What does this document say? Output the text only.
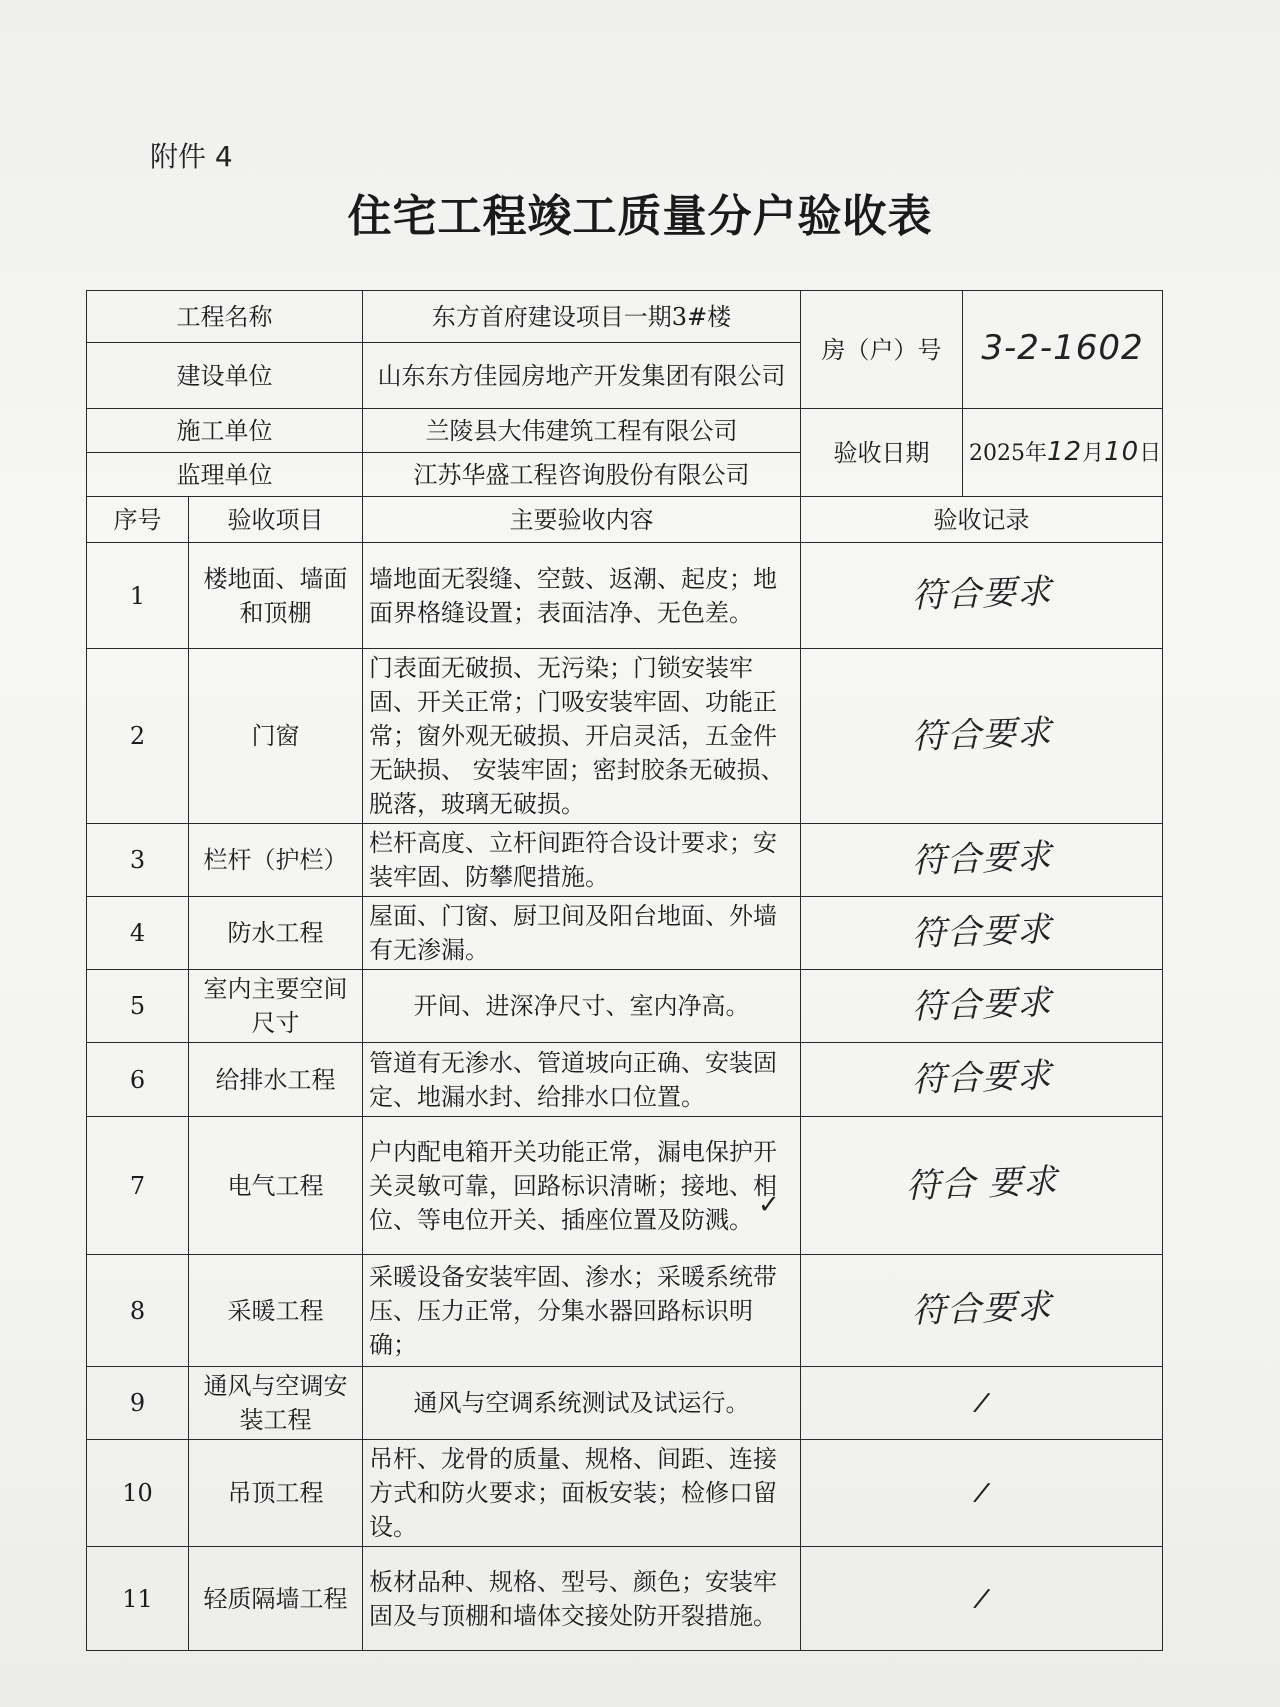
附件 4
住宅工程竣工质量分户验收表
工程名称		东方首府建设项目一期3#楼	房（户）号	3-2-1602
建设单位		山东东方佳园房地产开发集团有限公司		
施工单位		兰陵县大伟建筑工程有限公司	验收日期	2025年12月10日
监理单位		江苏华盛工程咨询股份有限公司		
序号	验收项目	主要验收内容	验收记录	
1	楼地面、墙面和顶棚	墙地面无裂缝、空鼓、返潮、起皮；地面界格缝设置；表面洁净、无色差。	符合要求	
2	门窗	门表面无破损、无污染；门锁安装牢固、开关正常；门吸安装牢固、功能正常；窗外观无破损、开启灵活，五金件无缺损、 安装牢固；密封胶条无破损、脱落，玻璃无破损。	符合要求	
3	栏杆（护栏）	栏杆高度、立杆间距符合设计要求；安装牢固、防攀爬措施。	符合要求	
4	防水工程	屋面、门窗、厨卫间及阳台地面、外墙有无渗漏。	符合要求	
5	室内主要空间尺寸	开间、进深净尺寸、室内净高。	符合要求	
6	给排水工程	管道有无渗水、管道坡向正确、安装固定、地漏水封、给排水口位置。	符合要求	
7	电气工程	户内配电箱开关功能正常，漏电保护开关灵敏可靠，回路标识清晰；接地、相位、等电位开关、插座位置及防溅。	符合 要求	
8	采暖工程	采暖设备安装牢固、渗水；采暖系统带压、压力正常，分集水器回路标识明确；	符合要求	
9	通风与空调安装工程	通风与空调系统测试及试运行。	/	
10	吊顶工程	吊杆、龙骨的质量、规格、间距、连接方式和防火要求；面板安装；检修口留设。	/	
11	轻质隔墙工程	板材品种、规格、型号、颜色；安装牢固及与顶棚和墙体交接处防开裂措施。	/	
✓
